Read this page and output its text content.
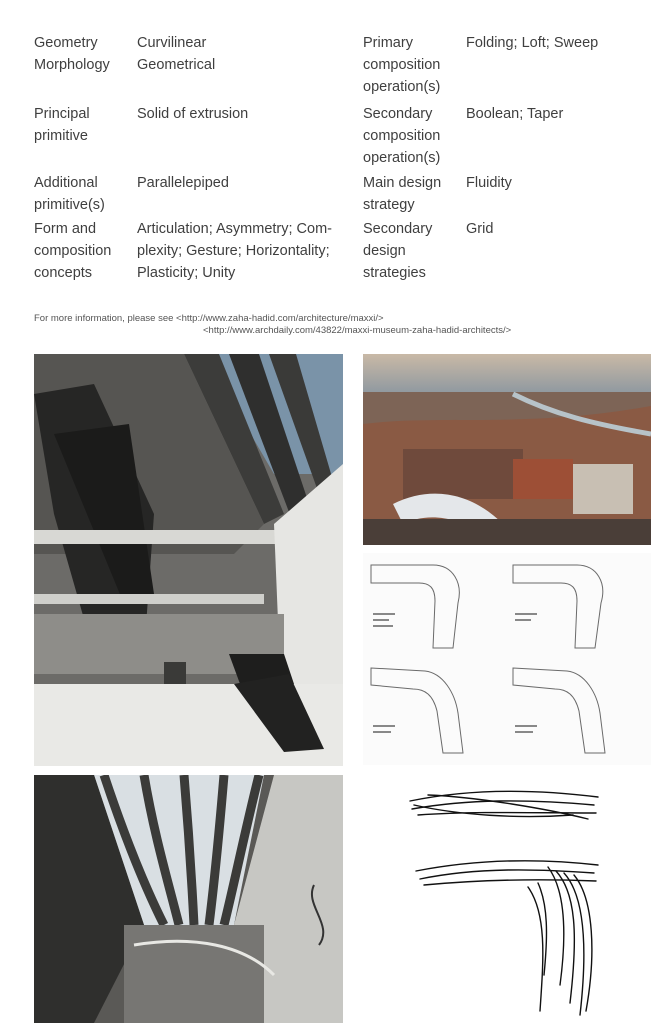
Geometry Morphology
Curvilinear Geometrical
Primary composition operation(s)
Folding; Loft; Sweep
Principal primitive
Solid of extrusion	Secondary composition operation(s)
Boolean; Taper
Additional primitive(s)
Parallelepiped	Main design strategy
Fluidity
Form and composition concepts
Articulation; Asymmetry; Com-plexity; Gesture; Horizontality; Plasticity; Unity
Secondary design strategies
Grid
For more information, please see <http://www.zaha-hadid.com/architecture/maxxi/>
<http://www.archdaily.com/43822/maxxi-museum-zaha-hadid-architects/>
